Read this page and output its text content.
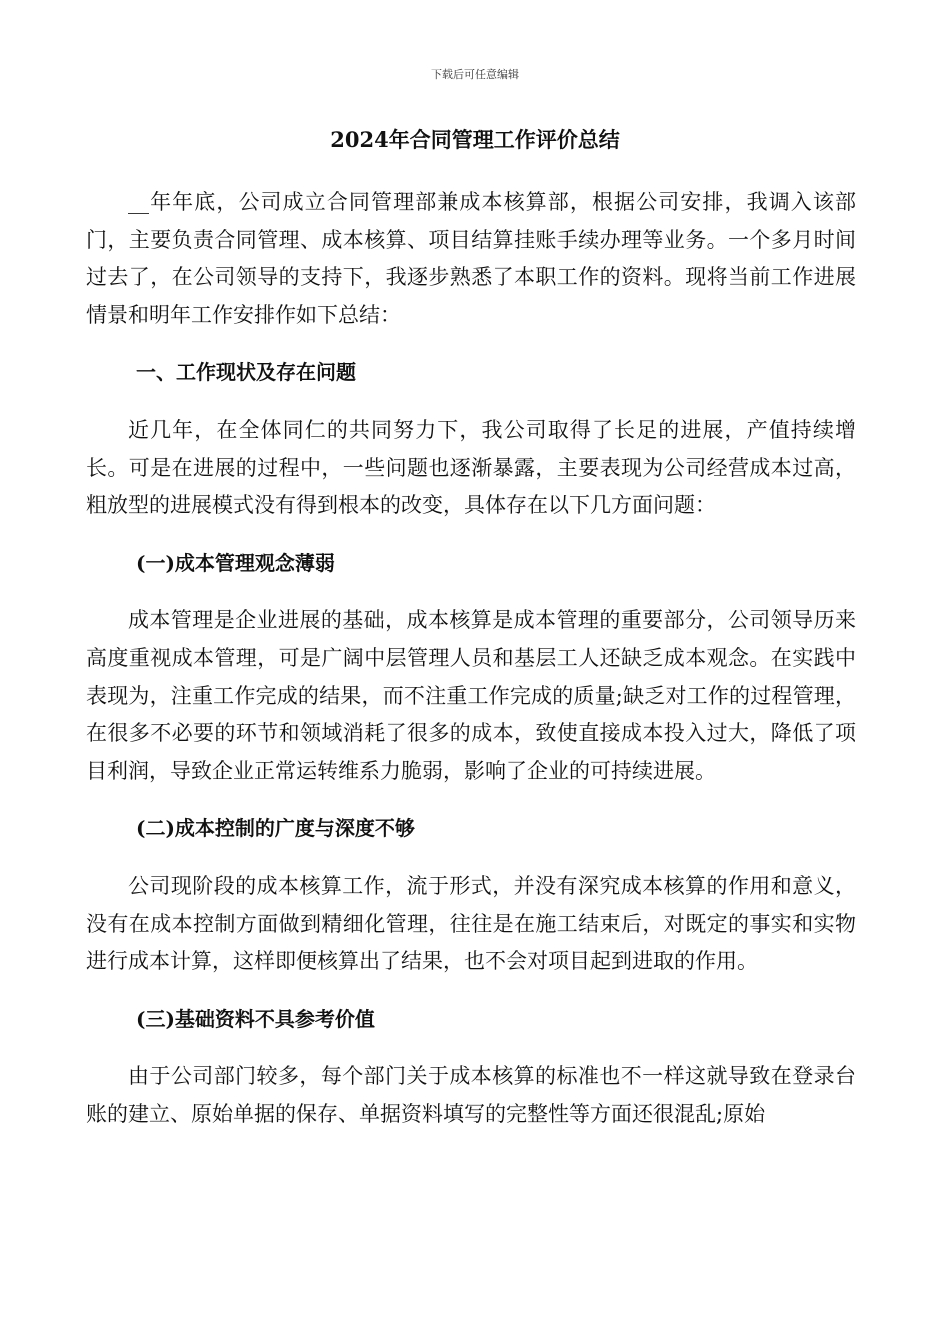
下载后可任意编辑
2024年合同管理工作评价总结

__年年底，公司成立合同管理部兼成本核算部，根据公司安排，我调入该部门，主要负责合同管理、成本核算、项目结算挂账手续办理等业务。一个多月时间过去了，在公司领导的支持下，我逐步熟悉了本职工作的资料。现将当前工作进展情景和明年工作安排作如下总结：

一、工作现状及存在问题

近几年，在全体同仁的共同努力下，我公司取得了长足的进展，产值持续增长。可是在进展的过程中，一些问题也逐渐暴露，主要表现为公司经营成本过高，粗放型的进展模式没有得到根本的改变，具体存在以下几方面问题：

(一)成本管理观念薄弱

成本管理是企业进展的基础，成本核算是成本管理的重要部分，公司领导历来高度重视成本管理，可是广阔中层管理人员和基层工人还缺乏成本观念。在实践中表现为，注重工作完成的结果，而不注重工作完成的质量;缺乏对工作的过程管理，在很多不必要的环节和领域消耗了很多的成本，致使直接成本投入过大，降低了项目利润，导致企业正常运转维系力脆弱，影响了企业的可持续进展。

(二)成本控制的广度与深度不够

公司现阶段的成本核算工作，流于形式，并没有深究成本核算的作用和意义，没有在成本控制方面做到精细化管理，往往是在施工结束后，对既定的事实和实物进行成本计算，这样即便核算出了结果，也不会对项目起到进取的作用。

(三)基础资料不具参考价值

由于公司部门较多，每个部门关于成本核算的标准也不一样这就导致在登录台账的建立、原始单据的保存、单据资料填写的完整性等方面还很混乱;原始
